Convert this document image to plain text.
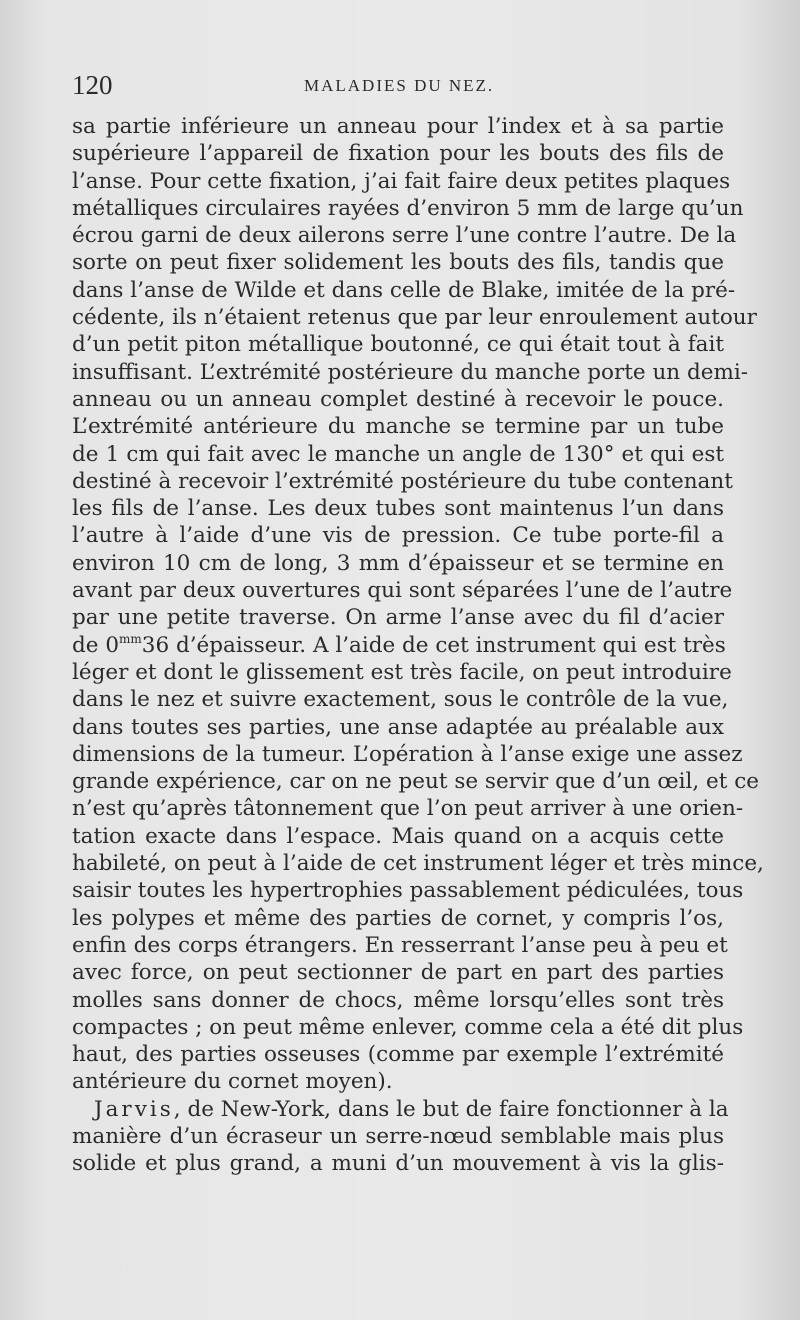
120	MALADIES DU NEZ.
sa partie inférieure un anneau pour l’index et à sa partie
supérieure l’appareil de fixation pour les bouts des fils de
l’anse. Pour cette fixation, j’ai fait faire deux petites plaques
métalliques circulaires rayées d’environ 5 mm de large qu’un
écrou garni de deux ailerons serre l’une contre l’autre. De la
sorte on peut fixer solidement les bouts des fils, tandis que
dans l’anse de Wilde et dans celle de Blake, imitée de la pré-
cédente, ils n’étaient retenus que par leur enroulement autour
d’un petit piton métallique boutonné, ce qui était tout à fait
insuffisant. L’extrémité postérieure du manche porte un demi-
anneau ou un anneau complet destiné à recevoir le pouce.
L’extrémité antérieure du manche se termine par un tube
de 1 cm qui fait avec le manche un angle de 130° et qui est
destiné à recevoir l’extrémité postérieure du tube contenant
les fils de l’anse. Les deux tubes sont maintenus l’un dans
l’autre à l’aide d’une vis de pression. Ce tube porte-fil a
environ 10 cm de long, 3 mm d’épaisseur et se termine en
avant par deux ouvertures qui sont séparées l’une de l’autre
par une petite traverse. On arme l’anse avec du fil d’acier
de $0^{mm}36$ d’épaisseur. A l’aide de cet instrument qui est très
léger et dont le glissement est très facile, on peut introduire
dans le nez et suivre exactement, sous le contrôle de la vue,
dans toutes ses parties, une anse adaptée au préalable aux
dimensions de la tumeur. L’opération à l’anse exige une assez
grande expérience, car on ne peut se servir que d’un œil, et ce
n’est qu’après tâtonnement que l’on peut arriver à une orien-
tation exacte dans l’espace. Mais quand on a acquis cette
habileté, on peut à l’aide de cet instrument léger et très mince,
saisir toutes les hypertrophies passablement pédiculées, tous
les polypes et même des parties de cornet, y compris l’os,
enfin des corps étrangers. En resserrant l’anse peu à peu et
avec force, on peut sectionner de part en part des parties
molles sans donner de chocs, même lorsqu’elles sont très
compactes ; on peut même enlever, comme cela a été dit plus
haut, des parties osseuses (comme par exemple l’extrémité
antérieure du cornet moyen).
Jarvis, de New-York, dans le but de faire fonctionner à la
manière d’un écraseur un serre-nœud semblable mais plus
solide et plus grand, a muni d’un mouvement à vis la glis-
